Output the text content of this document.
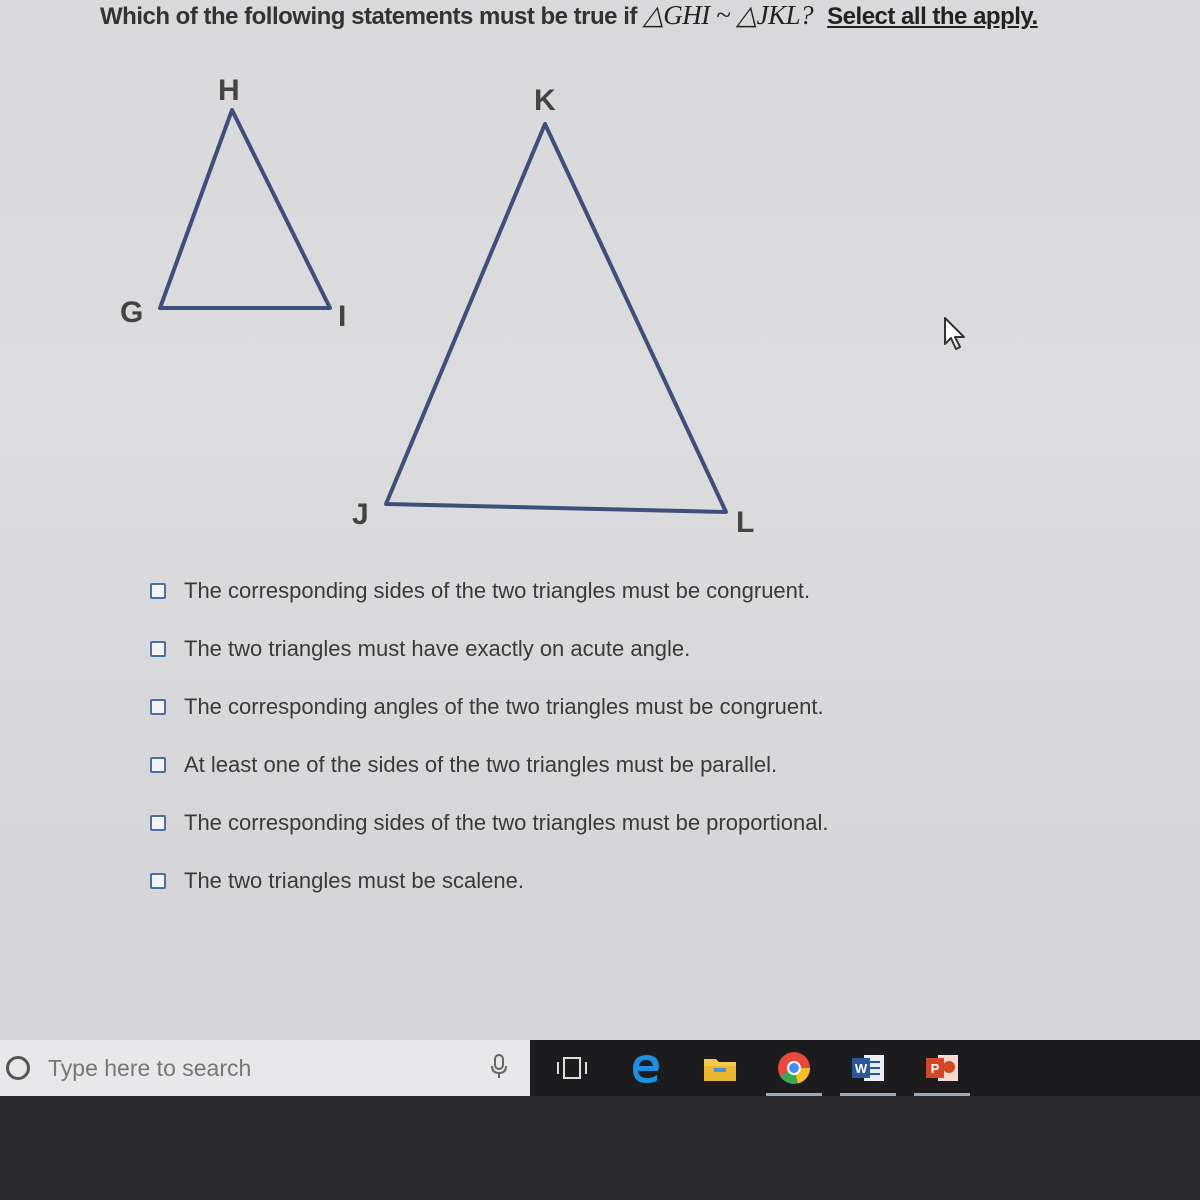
Which of the following statements must be true if △GHI ~ △JKL? Select all the apply.
H
G	I
K
J	L
The corresponding sides of the two triangles must be congruent.
The two triangles must have exactly on acute angle.
The corresponding angles of the two triangles must be congruent.
At least one of the sides of the two triangles must be parallel.
The corresponding sides of the two triangles must be proportional.
The two triangles must be scalene.
Type here to search	W	P
